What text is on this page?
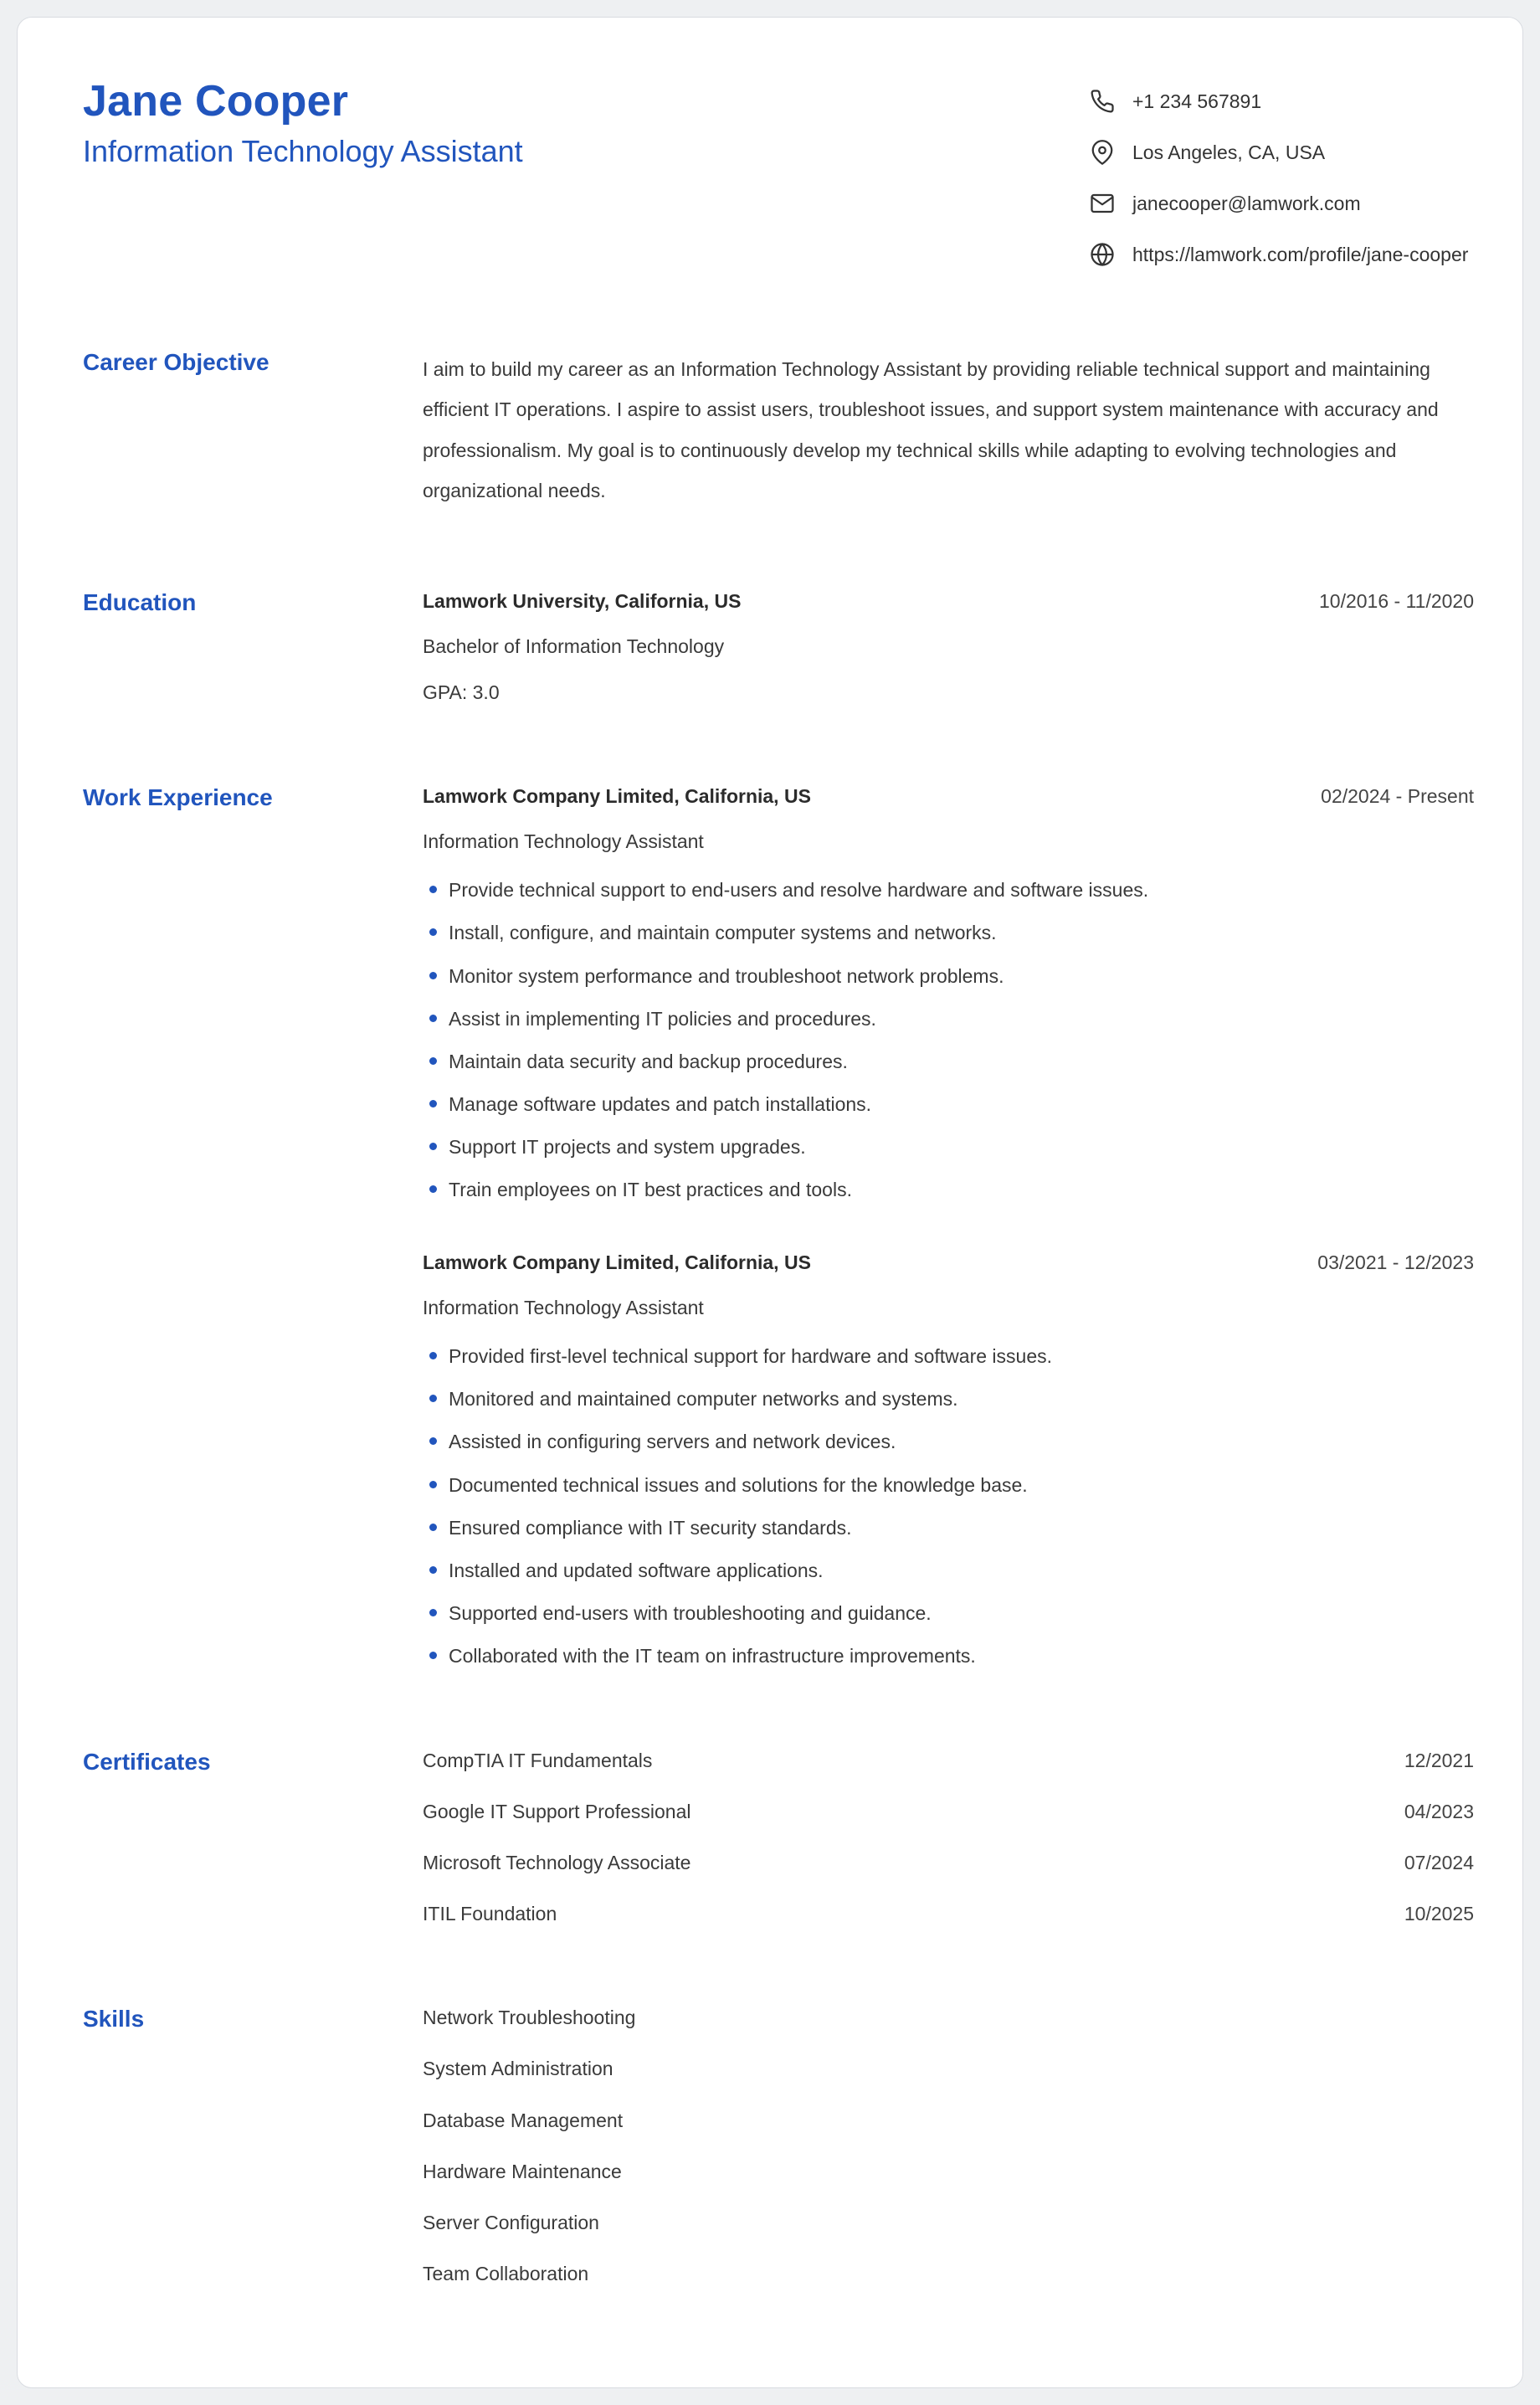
Jane Cooper
Information Technology Assistant
+1 234 567891
Los Angeles, CA, USA
janecooper@lamwork.com
https://lamwork.com/profile/jane-cooper
Career Objective	I aim to build my career as an Information Technology Assistant by providing reliable technical support and maintaining efficient IT operations. I aspire to assist users, troubleshoot issues, and support system maintenance with accuracy and professionalism. My goal is to continuously develop my technical skills while adapting to evolving technologies and organizational needs.

Education	Lamwork University, California, US	10/2016 - 11/2020
Bachelor of Information Technology
GPA: 3.0
Work Experience	Lamwork Company Limited, California, US	02/2024 - Present
Information Technology Assistant
Provide technical support to end-users and resolve hardware and software issues.
Install, configure, and maintain computer systems and networks.
Monitor system performance and troubleshoot network problems.
Assist in implementing IT policies and procedures.
Maintain data security and backup procedures.
Manage software updates and patch installations.
Support IT projects and system upgrades.
Train employees on IT best practices and tools.
Lamwork Company Limited, California, US	03/2021 - 12/2023
Information Technology Assistant
Provided first-level technical support for hardware and software issues.
Monitored and maintained computer networks and systems.
Assisted in configuring servers and network devices.
Documented technical issues and solutions for the knowledge base.
Ensured compliance with IT security standards.
Installed and updated software applications.
Supported end-users with troubleshooting and guidance.
Collaborated with the IT team on infrastructure improvements.
Certificates	CompTIA IT Fundamentals	12/2021
Google IT Support Professional	04/2023
Microsoft Technology Associate	07/2024
ITIL Foundation	10/2025
Skills	Network Troubleshooting
System Administration
Database Management
Hardware Maintenance
Server Configuration
Team Collaboration
